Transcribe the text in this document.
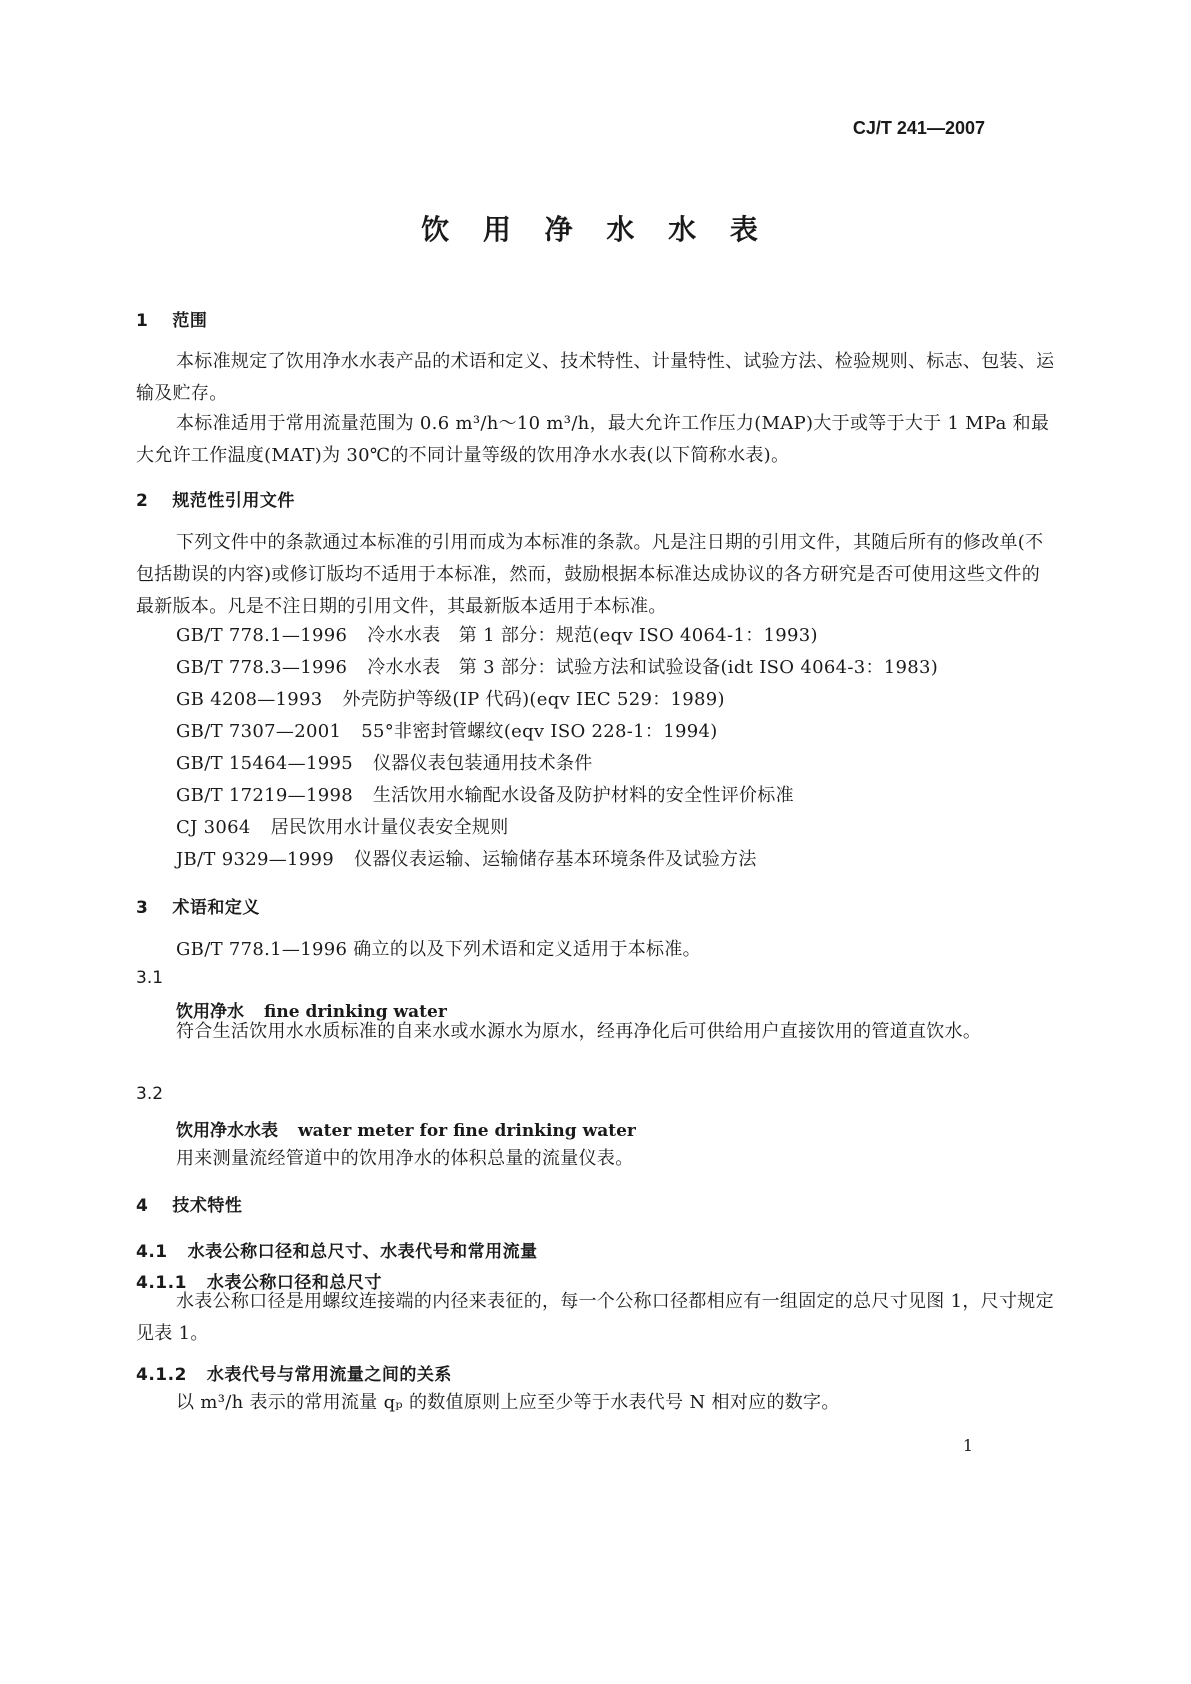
CJ/T 241—2007
饮 用 净 水 水 表
1 范围
本标准规定了饮用净水水表产品的术语和定义、技术特性、计量特性、试验方法、检验规则、标志、包装、运输及贮存。
本标准适用于常用流量范围为 0.6 m³/h～10 m³/h，最大允许工作压力(MAP)大于或等于大于 1 MPa 和最大允许工作温度(MAT)为 30℃的不同计量等级的饮用净水水表(以下简称水表)。
2 规范性引用文件
下列文件中的条款通过本标准的引用而成为本标准的条款。凡是注日期的引用文件，其随后所有的修改单(不包括勘误的内容)或修订版均不适用于本标准，然而，鼓励根据本标准达成协议的各方研究是否可使用这些文件的最新版本。凡是不注日期的引用文件，其最新版本适用于本标准。
GB/T 778.1—1996 冷水水表　第 1 部分：规范(eqv ISO 4064-1：1993)
GB/T 778.3—1996 冷水水表　第 3 部分：试验方法和试验设备(idt ISO 4064-3：1983)
GB 4208—1993 外壳防护等级(IP 代码)(eqv IEC 529：1989)
GB/T 7307—2001 55°非密封管螺纹(eqv ISO 228-1：1994)
GB/T 15464—1995 仪器仪表包装通用技术条件
GB/T 17219—1998 生活饮用水输配水设备及防护材料的安全性评价标准
CJ 3064 居民饮用水计量仪表安全规则
JB/T 9329—1999 仪器仪表运输、运输储存基本环境条件及试验方法
3 术语和定义
GB/T 778.1—1996 确立的以及下列术语和定义适用于本标准。
3.1
饮用净水 fine drinking water
符合生活饮用水水质标准的自来水或水源水为原水，经再净化后可供给用户直接饮用的管道直饮水。
3.2
饮用净水水表 water meter for fine drinking water
用来测量流经管道中的饮用净水的体积总量的流量仪表。
4 技术特性
4.1 水表公称口径和总尺寸、水表代号和常用流量
4.1.1 水表公称口径和总尺寸
水表公称口径是用螺纹连接端的内径来表征的，每一个公称口径都相应有一组固定的总尺寸见图 1，尺寸规定见表 1。
4.1.2 水表代号与常用流量之间的关系
以 m³/h 表示的常用流量 qₚ 的数值原则上应至少等于水表代号 N 相对应的数字。
1
